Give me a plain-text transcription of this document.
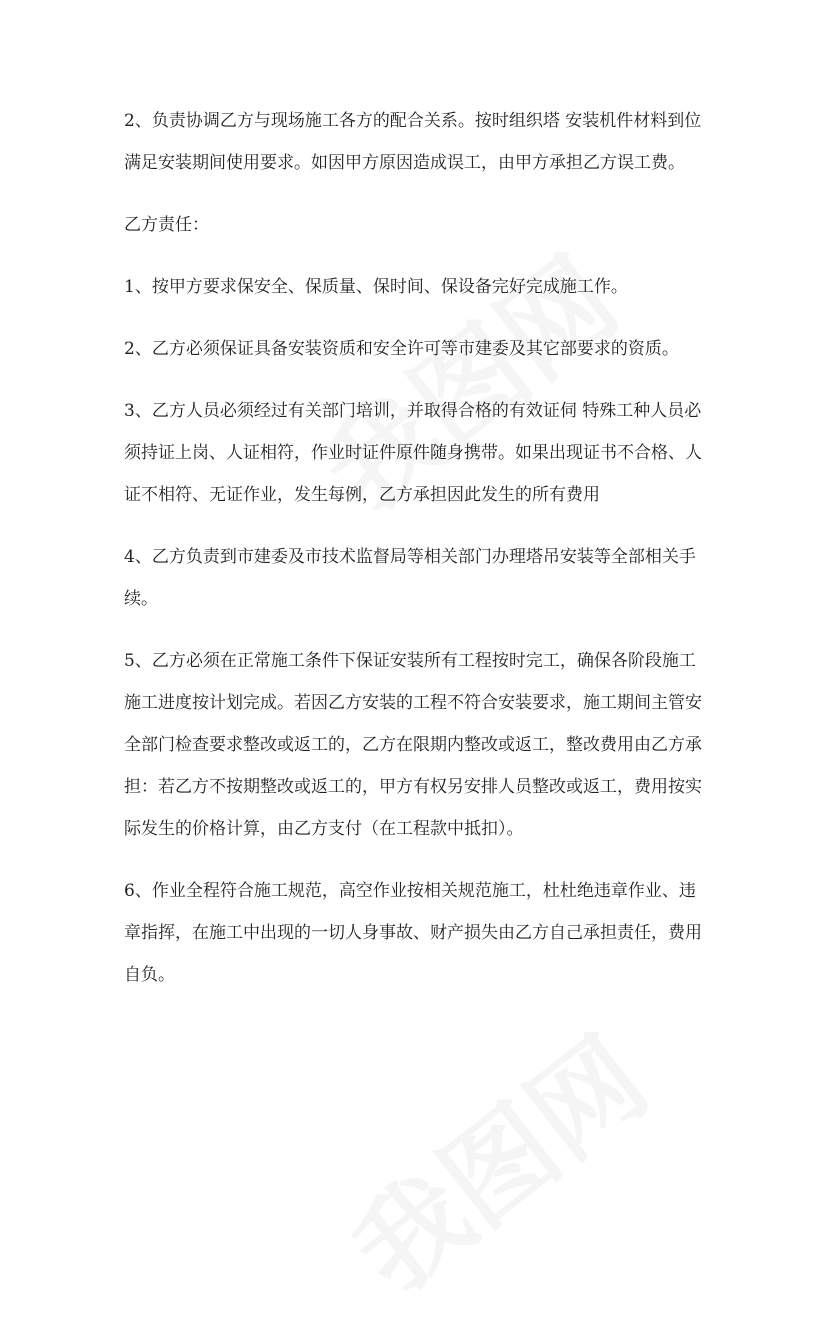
2、负责协调乙方与现场施工各方的配合关系。按时组织塔 安装机件材料到位满足安装期间使用要求。如因甲方原因造成误工，由甲方承担乙方误工费。

乙方责任：

1、按甲方要求保安全、保质量、保时间、保设备完好完成施工作。

2、乙方必须保证具备安装资质和安全许可等市建委及其它部要求的资质。

3、乙方人员必须经过有关部门培训，并取得合格的有效证伺 特殊工种人员必须持证上岗、人证相符，作业时证件原件随身携带。如果出现证书不合格、人证不相符、无证作业，发生每例，乙方承担因此发生的所有费用

4、乙方负责到市建委及市技术监督局等相关部门办理塔吊安装等全部相关手续。

5、乙方必须在正常施工条件下保证安装所有工程按时完工，确保各阶段施工施工进度按计划完成。若因乙方安装的工程不符合安装要求，施工期间主管安全部门检查要求整改或返工的，乙方在限期内整改或返工，整改费用由乙方承担：若乙方不按期整改或返工的，甲方有权另安排人员整改或返工，费用按实际发生的价格计算，由乙方支付（在工程款中抵扣）。

6、作业全程符合施工规范，高空作业按相关规范施工，杜杜绝违章作业、违章指挥，在施工中出现的一切人身事故、财产损失由乙方自己承担责任，费用自负。
